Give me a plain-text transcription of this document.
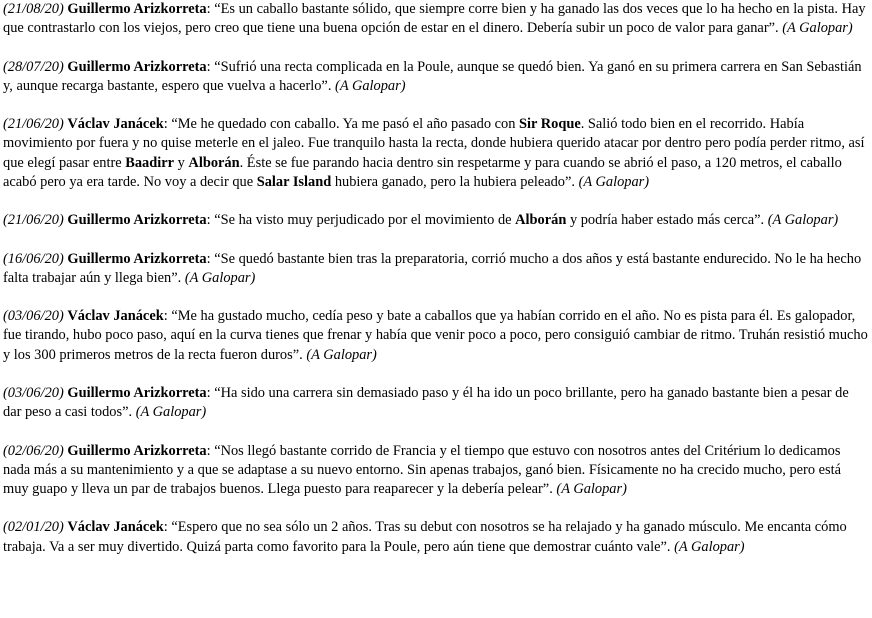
(21/08/20) Guillermo Arizkorreta: “Es un caballo bastante sólido, que siempre corre bien y ha ganado las dos veces que lo ha hecho en la pista. Hay que contrastarlo con los viejos, pero creo que tiene una buena opción de estar en el dinero. Debería subir un poco de valor para ganar”. (A Galopar)

(28/07/20) Guillermo Arizkorreta: “Sufrió una recta complicada en la Poule, aunque se quedó bien. Ya ganó en su primera carrera en San Sebastián y, aunque recarga bastante, espero que vuelva a hacerlo”. (A Galopar)

(21/06/20) Václav Janácek: “Me he quedado con caballo. Ya me pasó el año pasado con Sir Roque. Salió todo bien en el recorrido. Había movimiento por fuera y no quise meterle en el jaleo. Fue tranquilo hasta la recta, donde hubiera querido atacar por dentro pero podía perder ritmo, así que elegí pasar entre Baadirr y Alborán. Éste se fue parando hacia dentro sin respetarme y para cuando se abrió el paso, a 120 metros, el caballo acabó pero ya era tarde. No voy a decir que Salar Island hubiera ganado, pero la hubiera peleado”. (A Galopar)

(21/06/20) Guillermo Arizkorreta: “Se ha visto muy perjudicado por el movimiento de Alborán y podría haber estado más cerca”. (A Galopar)

(16/06/20) Guillermo Arizkorreta: “Se quedó bastante bien tras la preparatoria, corrió mucho a dos años y está bastante endurecido. No le ha hecho falta trabajar aún y llega bien”. (A Galopar)

(03/06/20) Václav Janácek: “Me ha gustado mucho, cedía peso y bate a caballos que ya habían corrido en el año. No es pista para él. Es galopador, fue tirando, hubo poco paso, aquí en la curva tienes que frenar y había que venir poco a poco, pero consiguió cambiar de ritmo. Truhán resistió mucho y los 300 primeros metros de la recta fueron duros”. (A Galopar)

(03/06/20) Guillermo Arizkorreta: “Ha sido una carrera sin demasiado paso y él ha ido un poco brillante, pero ha ganado bastante bien a pesar de dar peso a casi todos”. (A Galopar)

(02/06/20) Guillermo Arizkorreta: “Nos llegó bastante corrido de Francia y el tiempo que estuvo con nosotros antes del Critérium lo dedicamos nada más a su mantenimiento y a que se adaptase a su nuevo entorno. Sin apenas trabajos, ganó bien. Físicamente no ha crecido mucho, pero está muy guapo y lleva un par de trabajos buenos. Llega puesto para reaparecer y la debería pelear”. (A Galopar)

(02/01/20) Václav Janácek: “Espero que no sea sólo un 2 años. Tras su debut con nosotros se ha relajado y ha ganado músculo. Me encanta cómo trabaja. Va a ser muy divertido. Quizá parta como favorito para la Poule, pero aún tiene que demostrar cuánto vale”. (A Galopar)
